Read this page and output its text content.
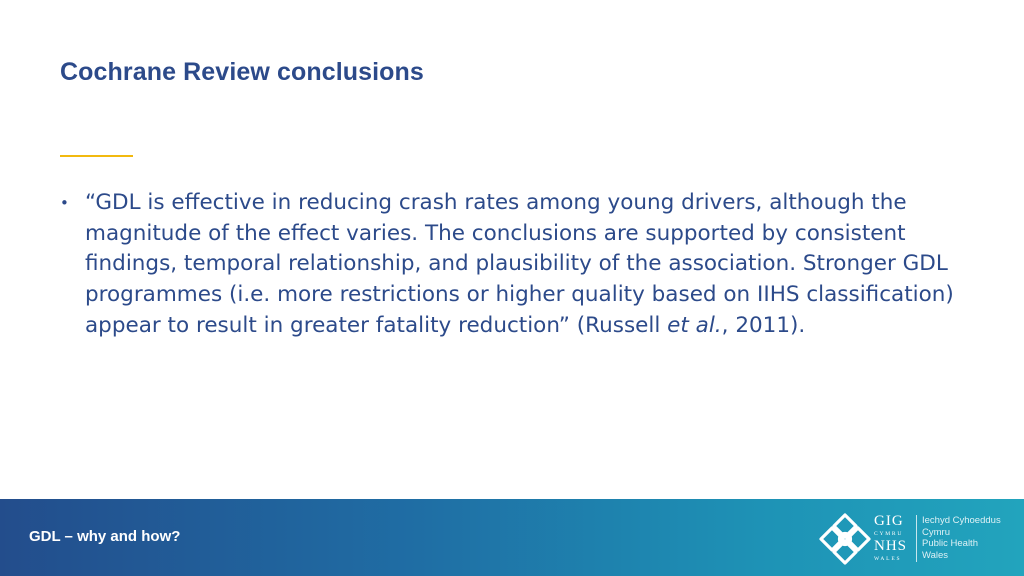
Cochrane Review conclusions
• “GDL is effective in reducing crash rates among young drivers, although the magnitude of the effect varies. The conclusions are supported by consistent findings, temporal relationship, and plausibility of the association. Stronger GDL programmes (i.e. more restrictions or higher quality based on IIHS classification) appear to result in greater fatality reduction” (Russell et al., 2011).
GDL – why and how?
GIG
CYMRU
NHS
WALES
Iechyd Cyhoeddus
Cymru
Public Health
Wales
